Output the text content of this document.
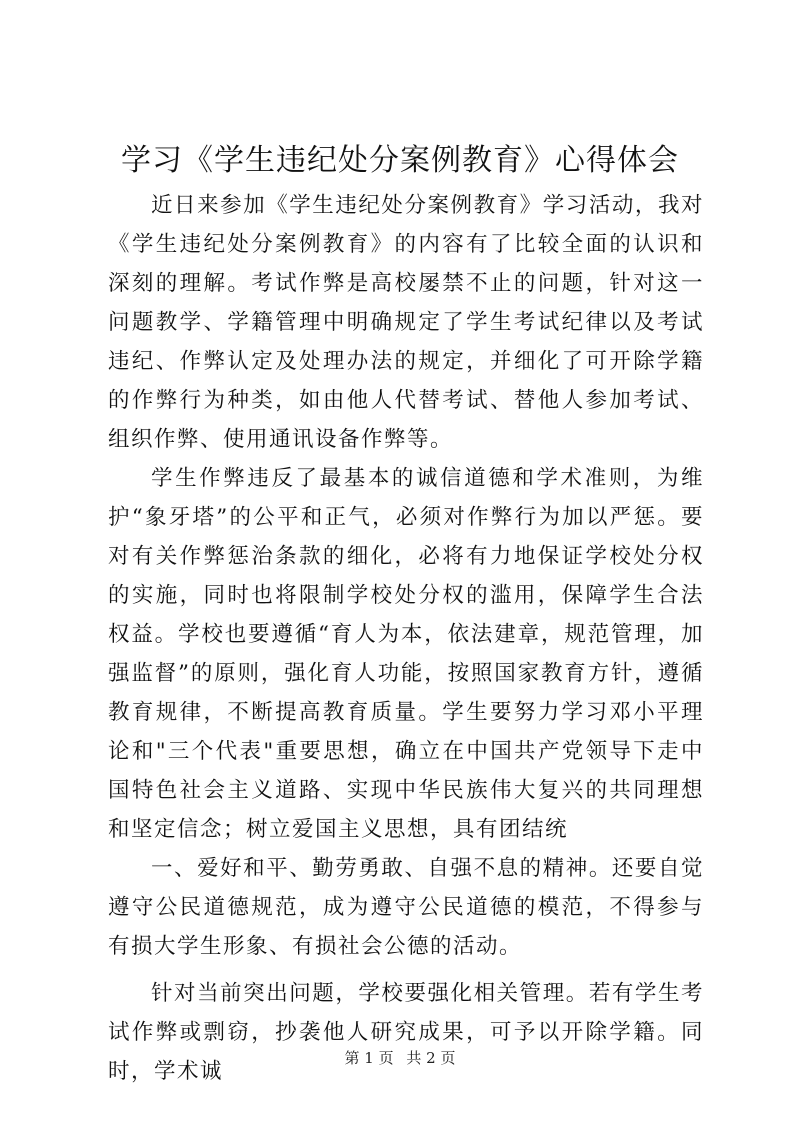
学习《学生违纪处分案例教育》心得体会

近日来参加《学生违纪处分案例教育》学习活动，我对《学生违纪处分案例教育》的内容有了比较全面的认识和深刻的理解。考试作弊是高校屡禁不止的问题，针对这一问题教学、学籍管理中明确规定了学生考试纪律以及考试违纪、作弊认定及处理办法的规定，并细化了可开除学籍的作弊行为种类，如由他人代替考试、替他人参加考试、组织作弊、使用通讯设备作弊等。

学生作弊违反了最基本的诚信道德和学术准则，为维护“象牙塔”的公平和正气，必须对作弊行为加以严惩。要对有关作弊惩治条款的细化，必将有力地保证学校处分权的实施，同时也将限制学校处分权的滥用，保障学生合法权益。学校也要遵循“育人为本，依法建章，规范管理，加强监督”的原则，强化育人功能，按照国家教育方针，遵循教育规律，不断提高教育质量。学生要努力学习邓小平理论和"三个代表"重要思想，确立在中国共产党领导下走中国特色社会主义道路、实现中华民族伟大复兴的共同理想和坚定信念；树立爱国主义思想，具有团结统

一、爱好和平、勤劳勇敢、自强不息的精神。还要自觉遵守公民道德规范，成为遵守公民道德的模范，不得参与有损大学生形象、有损社会公德的活动。

针对当前突出问题，学校要强化相关管理。若有学生考试作弊或剽窃，抄袭他人研究成果，可予以开除学籍。同时，学术诚

第 1 页 共 2 页
